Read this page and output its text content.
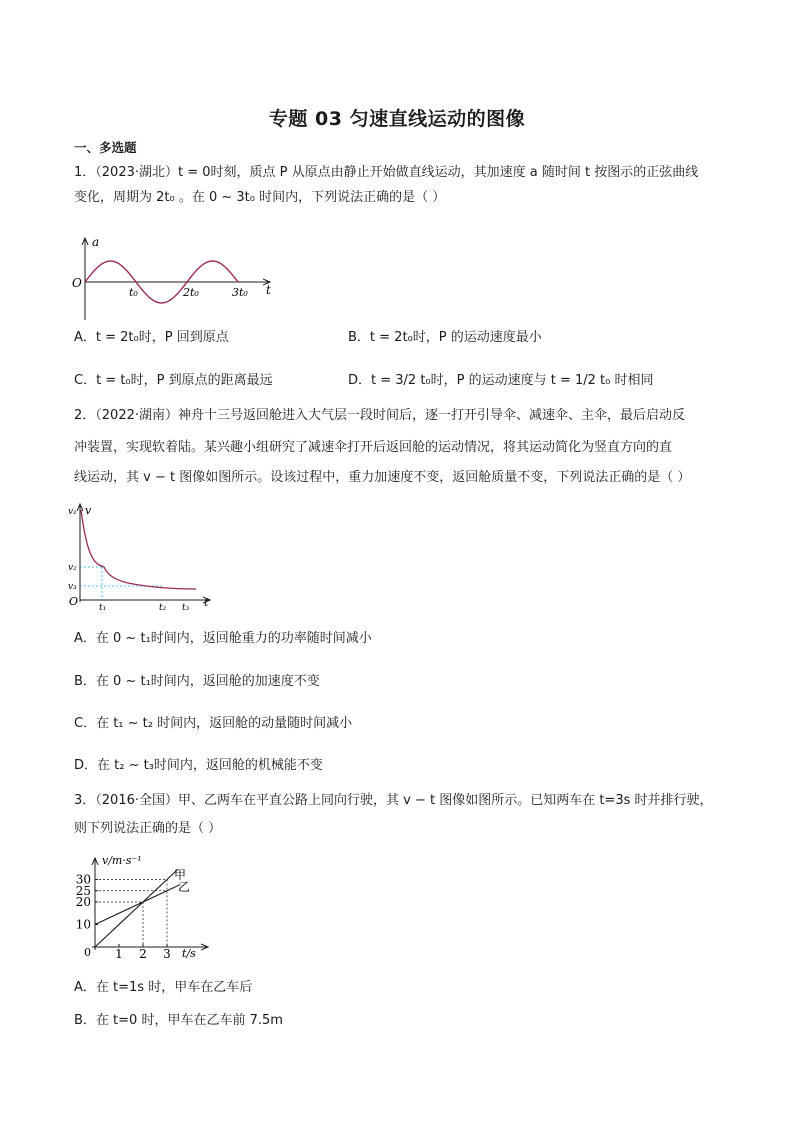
专题 03 匀速直线运动的图像
一、多选题
1．（2023·湖北）t = 0时刻，质点 P 从原点由静止开始做直线运动，其加速度 a 随时间 t 按图示的正弦曲线
变化，周期为 2t₀ 。在 0 ~ 3t₀ 时间内，下列说法正确的是（ ）
a
t
O
t₀	2t₀	3t₀
A．t = 2t₀时，P 回到原点	B．t = 2t₀时，P 的运动速度最小
C．t = t₀时，P 到原点的距离最远	D．t = 3/2 t₀时，P 的运动速度与 t = 1/2 t₀ 时相同
2．（2022·湖南）神舟十三号返回舱进入大气层一段时间后，逐一打开引导伞、减速伞、主伞，最后启动反
冲装置，实现软着陆。某兴趣小组研究了减速伞打开后返回舱的运动情况，将其运动简化为竖直方向的直
线运动，其 v − t 图像如图所示。设该过程中，重力加速度不变，返回舱质量不变，下列说法正确的是（ ）
v₁ v
v₂
v₃
O t₁	t₂ t₃ t
A．在 0 ~ t₁时间内，返回舱重力的功率随时间减小
B．在 0 ~ t₁时间内，返回舱的加速度不变
C．在 t₁ ~ t₂ 时间内，返回舱的动量随时间减小
D．在 t₂ ~ t₃时间内，返回舱的机械能不变
3．（2016·全国）甲、乙两车在平直公路上同向行驶，其 v − t 图像如图所示。已知两车在 t=3s 时并排行驶，
则下列说法正确的是（ ）
10
20
25
30
1 2 3
v/m·s⁻¹
t/s
0
甲
乙
A．在 t=1s 时，甲车在乙车后
B．在 t=0 时，甲车在乙车前 7.5m
